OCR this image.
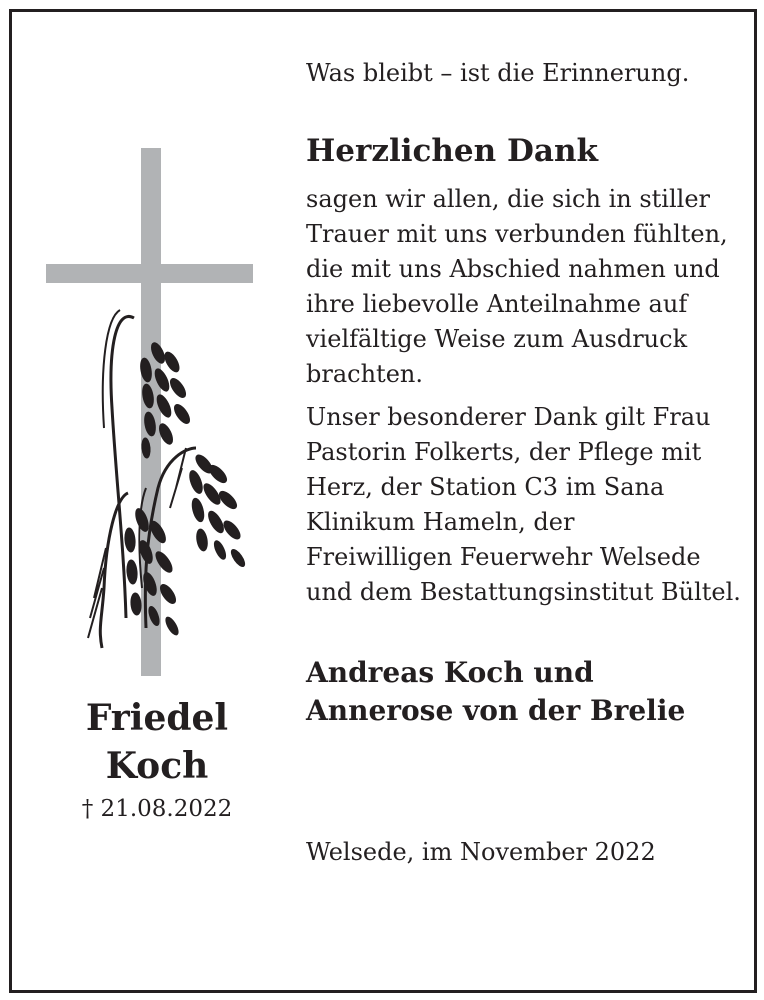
Friedel
Koch
† 21.08.2022
Was bleibt – ist die Erinnerung.
Herzlichen Dank
sagen wir allen, die sich in stiller
Trauer mit uns verbunden fühlten,
die mit uns Abschied nahmen und
ihre liebevolle Anteilnahme auf
vielfältige Weise zum Ausdruck
brachten.
Unser besonderer Dank gilt Frau
Pastorin Folkerts, der Pflege mit
Herz, der Station C3 im Sana
Klinikum Hameln, der
Freiwilligen Feuerwehr Welsede
und dem Bestattungsinstitut Bültel.
Andreas Koch und
Annerose von der Brelie
Welsede, im November 2022
